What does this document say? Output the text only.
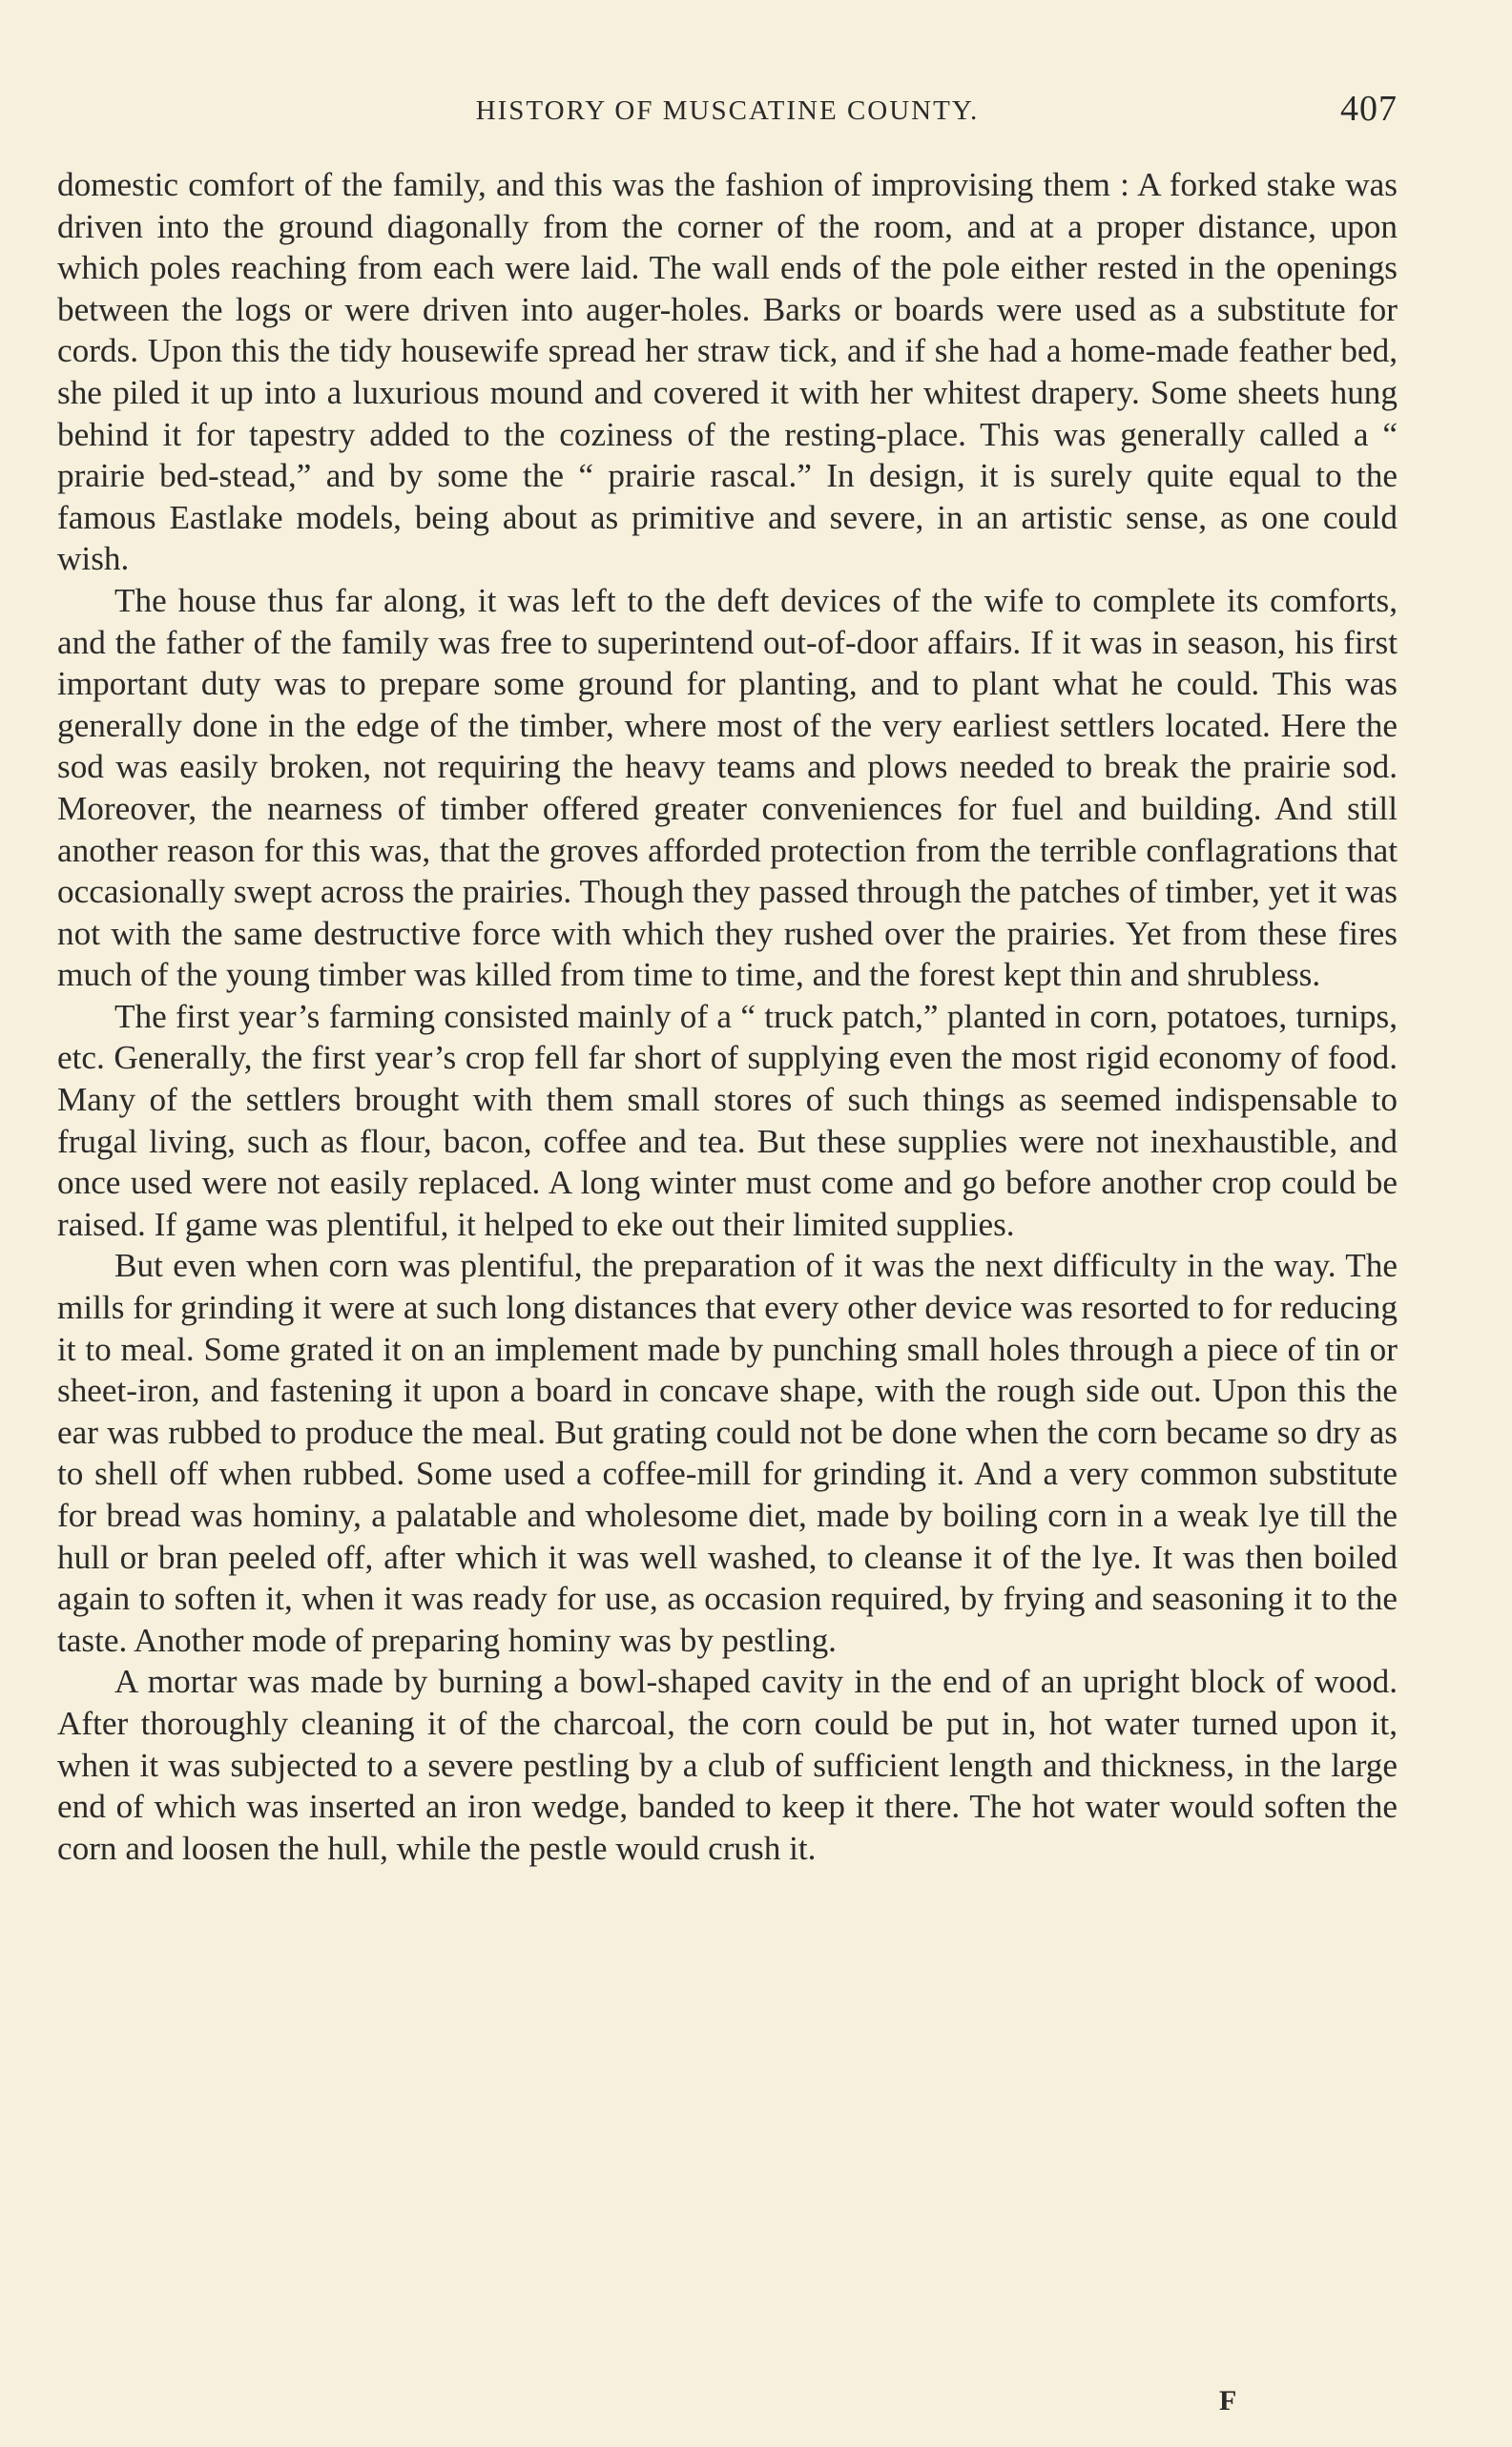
HISTORY OF MUSCATINE COUNTY.	407

domestic comfort of the family, and this was the fashion of improvising them : A forked stake was driven into the ground diagonally from the corner of the room, and at a proper distance, upon which poles reaching from each were laid. The wall ends of the pole either rested in the openings between the logs or were driven into auger-holes. Barks or boards were used as a substitute for cords. Upon this the tidy housewife spread her straw tick, and if she had a home-made feather bed, she piled it up into a luxurious mound and covered it with her whitest drapery. Some sheets hung behind it for tapestry added to the coziness of the resting-place. This was generally called a “ prairie bed-stead,” and by some the “ prairie rascal.” In design, it is surely quite equal to the famous Eastlake models, being about as primitive and severe, in an artistic sense, as one could wish.

The house thus far along, it was left to the deft devices of the wife to complete its comforts, and the father of the family was free to superintend out-of-door affairs. If it was in season, his first important duty was to prepare some ground for planting, and to plant what he could. This was generally done in the edge of the timber, where most of the very earliest settlers located. Here the sod was easily broken, not requiring the heavy teams and plows needed to break the prairie sod. Moreover, the nearness of timber offered greater conveniences for fuel and building. And still another reason for this was, that the groves afforded protection from the terrible conflagrations that occasionally swept across the prairies. Though they passed through the patches of timber, yet it was not with the same destructive force with which they rushed over the prairies. Yet from these fires much of the young timber was killed from time to time, and the forest kept thin and shrubless.

The first year’s farming consisted mainly of a “ truck patch,” planted in corn, potatoes, turnips, etc. Generally, the first year’s crop fell far short of supplying even the most rigid economy of food. Many of the settlers brought with them small stores of such things as seemed indispensable to frugal living, such as flour, bacon, coffee and tea. But these supplies were not inexhaustible, and once used were not easily replaced. A long winter must come and go before another crop could be raised. If game was plentiful, it helped to eke out their limited supplies.

But even when corn was plentiful, the preparation of it was the next difficulty in the way. The mills for grinding it were at such long distances that every other device was resorted to for reducing it to meal. Some grated it on an implement made by punching small holes through a piece of tin or sheet-iron, and fastening it upon a board in concave shape, with the rough side out. Upon this the ear was rubbed to produce the meal. But grating could not be done when the corn became so dry as to shell off when rubbed. Some used a coffee-mill for grinding it. And a very common substitute for bread was hominy, a palatable and wholesome diet, made by boiling corn in a weak lye till the hull or bran peeled off, after which it was well washed, to cleanse it of the lye. It was then boiled again to soften it, when it was ready for use, as occasion required, by frying and seasoning it to the taste. Another mode of preparing hominy was by pestling.

A mortar was made by burning a bowl-shaped cavity in the end of an upright block of wood. After thoroughly cleaning it of the charcoal, the corn could be put in, hot water turned upon it, when it was subjected to a severe pestling by a club of sufficient length and thickness, in the large end of which was inserted an iron wedge, banded to keep it there. The hot water would soften the corn and loosen the hull, while the pestle would crush it.

F
